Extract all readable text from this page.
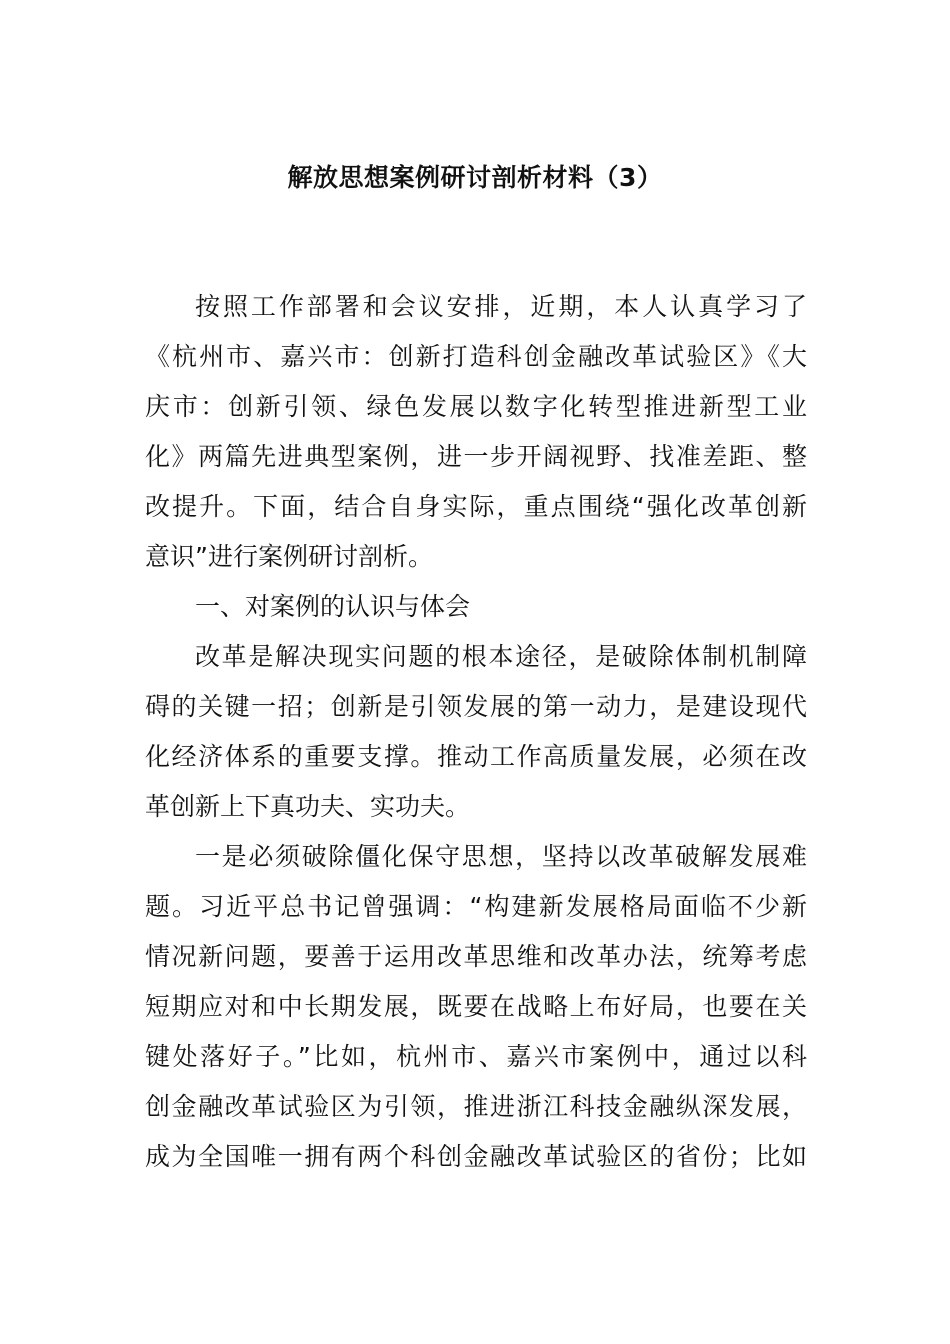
解放思想案例研讨剖析材料（3）

按照工作部署和会议安排，近期，本人认真学习了

《杭州市、嘉兴市：创新打造科创金融改革试验区》《大

庆市：创新引领、绿色发展以数字化转型推进新型工业

化》两篇先进典型案例，进一步开阔视野、找准差距、整

改提升。下面，结合自身实际，重点围绕“强化改革创新

意识”进行案例研讨剖析。

一、对案例的认识与体会

改革是解决现实问题的根本途径，是破除体制机制障

碍的关键一招；创新是引领发展的第一动力，是建设现代

化经济体系的重要支撑。推动工作高质量发展，必须在改

革创新上下真功夫、实功夫。

一是必须破除僵化保守思想，坚持以改革破解发展难

题。习近平总书记曾强调：“构建新发展格局面临不少新

情况新问题，要善于运用改革思维和改革办法，统筹考虑

短期应对和中长期发展，既要在战略上布好局，也要在关

键处落好子。”比如，杭州市、嘉兴市案例中，通过以科

创金融改革试验区为引领，推进浙江科技金融纵深发展，

成为全国唯一拥有两个科创金融改革试验区的省份；比如
